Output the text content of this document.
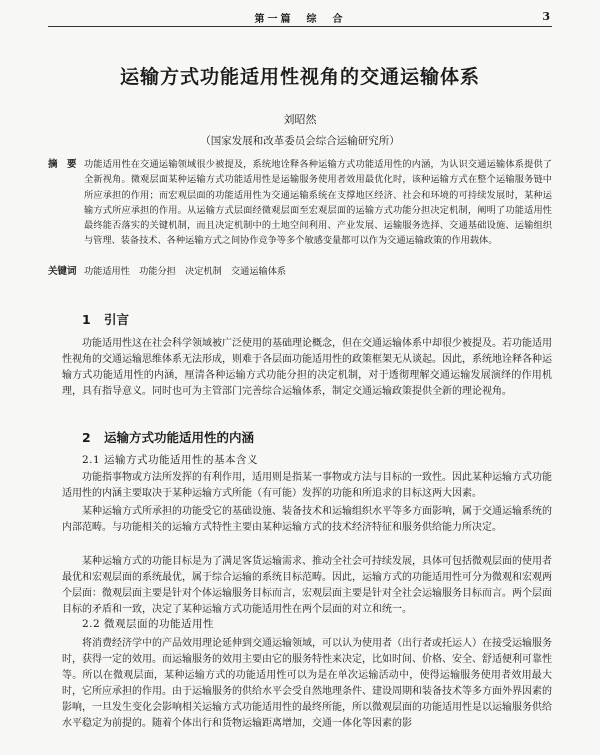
第一篇　综　合	3
运输方式功能适用性视角的交通运输体系
刘昭然
（国家发展和改革委员会综合运输研究所）
摘　要 功能适用性在交通运输领域很少被提及，系统地诠释各种运输方式功能适用性的内涵，为认识交通运输体系提供了全新视角。微观层面某种运输方式功能适用性是运输服务使用者效用最优化时，该种运输方式在整个运输服务链中所应承担的作用；而宏观层面的功能适用性为交通运输系统在支撑地区经济、社会和环境的可持续发展时，某种运输方式所应承担的作用。从运输方式层面经微观层面至宏观层面的运输方式功能分担决定机制，阐明了功能适用性最终能否落实的关键机制，而且决定机制中的土地空间利用、产业发展、运输服务选择、交通基础设施、运输组织与管理、装备技术、各种运输方式之间协作竞争等多个敏感变量都可以作为交通运输政策的作用载体。
关键词 功能适用性　功能分担　决定机制　交通运输体系
1 引言

功能适用性这在社会科学领域被广泛使用的基础理论概念，但在交通运输体系中却很少被提及。若功能适用性视角的交通运输思维体系无法形成，则难于各层面功能适用性的政策框架无从谈起。因此，系统地诠释各种运输方式功能适用性的内涵，厘清各种运输方式功能分担的决定机制，对于透彻理解交通运输发展演绎的作用机理，具有指导意义。同时也可为主管部门完善综合运输体系，制定交通运输政策提供全新的理论视角。

2 运输方式功能适用性的内涵
2.1 运输方式功能适用性的基本含义

功能指事物或方法所发挥的有利作用，适用则是指某一事物或方法与目标的一致性。因此某种运输方式功能适用性的内涵主要取决于某种运输方式所能（有可能）发挥的功能和所追求的目标这两大因素。

某种运输方式所承担的功能受它的基础设施、装备技术和运输组织水平等多方面影响，属于交通运输系统的内部范畴。与功能相关的运输方式特性主要由某种运输方式的技术经济特征和服务供给能力所决定。

某种运输方式的功能目标是为了满足客货运输需求、推动全社会可持续发展，具体可包括微观层面的使用者最优和宏观层面的系统最优，属于综合运输的系统目标范畴。因此，运输方式的功能适用性可分为微观和宏观两个层面：微观层面主要是针对个体运输服务目标而言，宏观层面主要是针对全社会运输服务目标而言。两个层面目标的矛盾和一致，决定了某种运输方式功能适用性在两个层面的对立和统一。

2.2 微观层面的功能适用性

将消费经济学中的产品效用理论延伸到交通运输领域，可以认为使用者（出行者或托运人）在接受运输服务时，获得一定的效用。而运输服务的效用主要由它的服务特性来决定，比如时间、价格、安全、舒适便利可靠性等。所以在微观层面，某种运输方式的功能适用性可以为是在单次运输活动中，使得运输服务使用者效用最大时，它所应承担的作用。由于运输服务的供给水平会受自然地理条件、建设周期和装备技术等多方面外界因素的影响，一旦发生变化会影响相关运输方式功能适用性的最终所能，所以微观层面的功能适用性是以运输服务供给水平稳定为前提的。随着个体出行和货物运输距离增加，交通一体化等因素的影
